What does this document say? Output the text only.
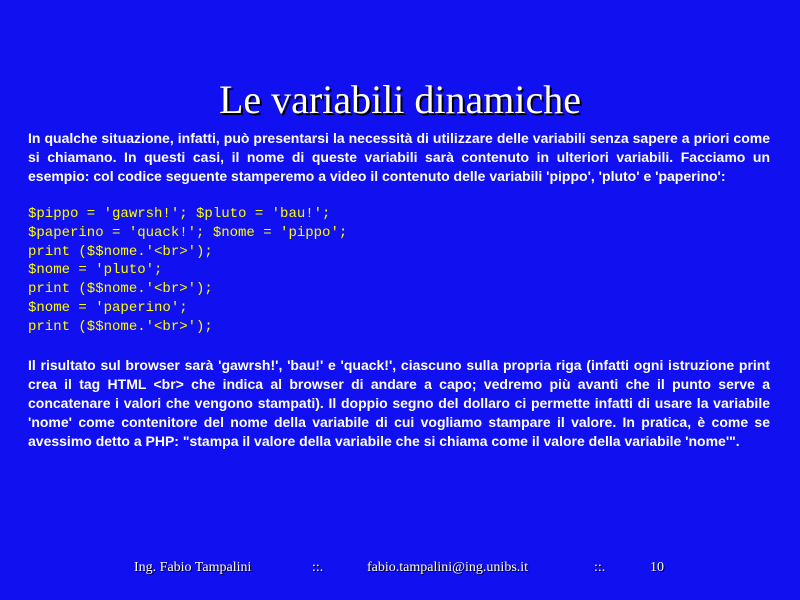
Le variabili dinamiche

In qualche situazione, infatti, può presentarsi la necessità di utilizzare delle variabili senza sapere a priori come si chiamano. In questi casi, il nome di queste variabili sarà contenuto in ulteriori variabili. Facciamo un esempio: col codice seguente stamperemo a video il contenuto delle variabili 'pippo', 'pluto' e 'paperino':

$pippo = 'gawrsh!'; $pluto = 'bau!';
$paperino = 'quack!'; $nome = 'pippo';
print ($$nome.'<br>');
$nome = 'pluto';
print ($$nome.'<br>');
$nome = 'paperino';
print ($$nome.'<br>');

Il risultato sul browser sarà 'gawrsh!', 'bau!' e 'quack!', ciascuno sulla propria riga (infatti ogni istruzione print crea il tag HTML <br> che indica al browser di andare a capo; vedremo più avanti che il punto serve a concatenare i valori che vengono stampati). Il doppio segno del dollaro ci permette infatti di usare la variabile 'nome' come contenitore del nome della variabile di cui vogliamo stampare il valore. In pratica, è come se avessimo detto a PHP: "stampa il valore della variabile che si chiama come il valore della variabile 'nome'".

Ing. Fabio Tampalini	::.	fabio.tampalini@ing.unibs.it	::.	10
